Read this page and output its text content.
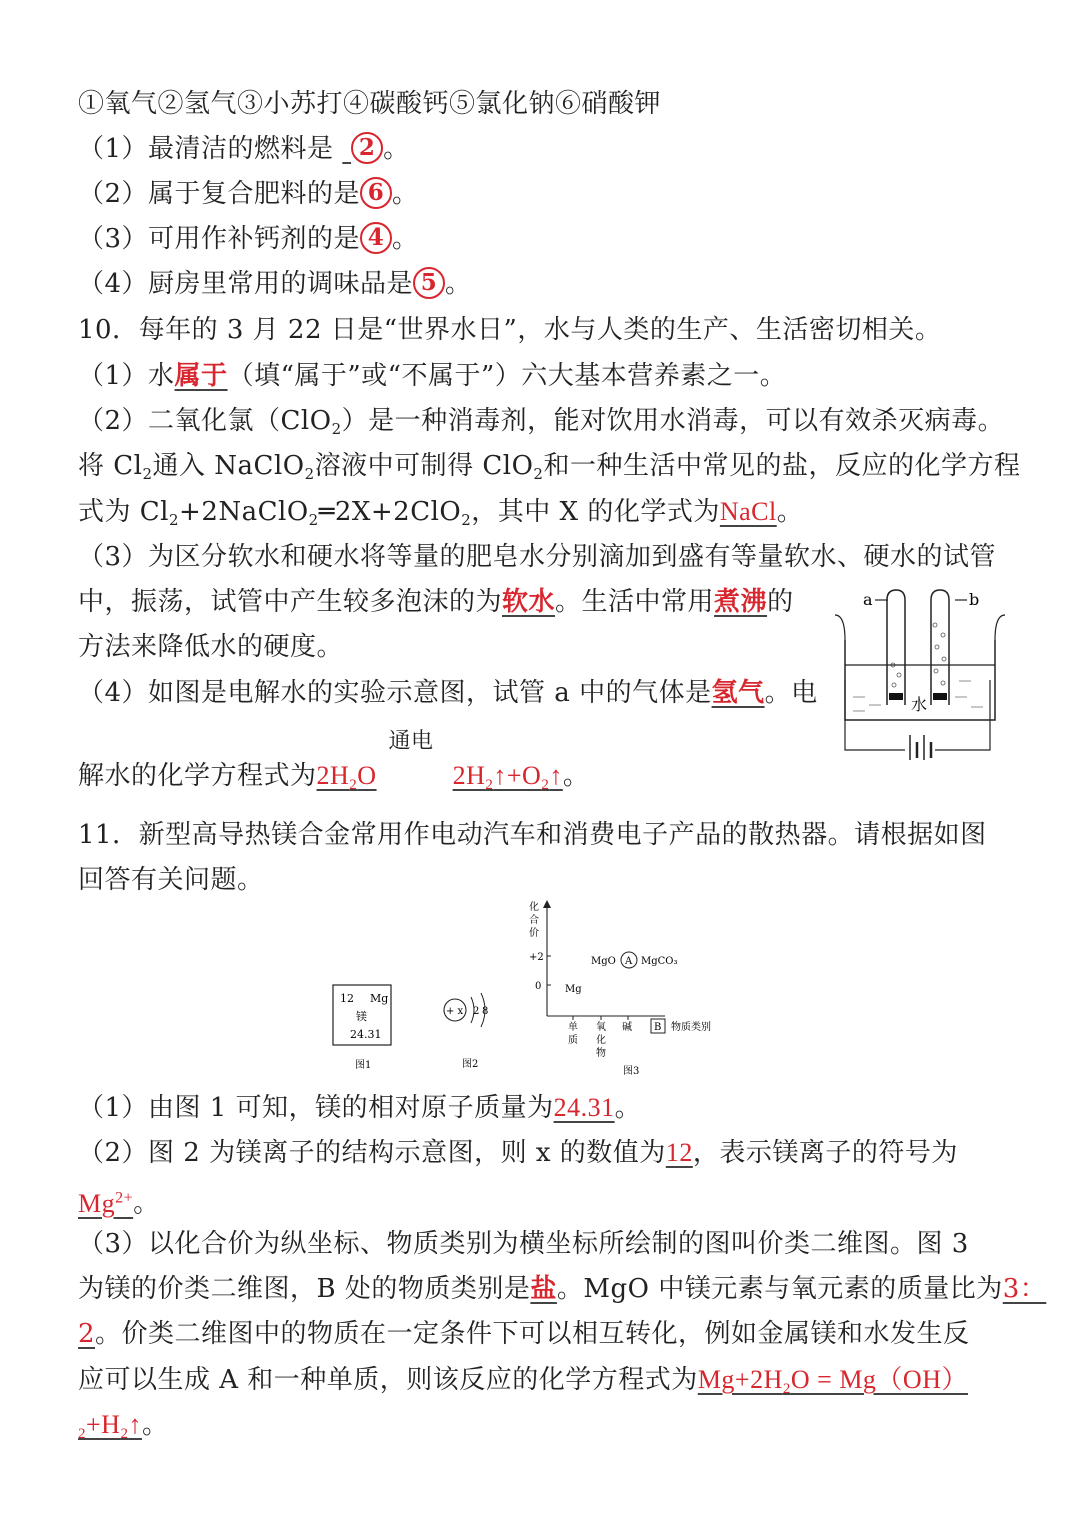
①氧气②氢气③小苏打④碳酸钙⑤氯化钠⑥硝酸钾
（1）最清洁的燃料是 2 。
（2）属于复合肥料的是 6 。
（3）可用作补钙剂的是 4 。
（4）厨房里常用的调味品是 5 。
10．每年的 3 月 22 日是“世界水日”，水与人类的生产、生活密切相关。
（1）水属于（填“属于”或“不属于”）六大基本营养素之一。
（2）二氧化氯（ClO$_2$）是一种消毒剂，能对饮用水消毒，可以有效杀灭病毒。
将 $Cl_2$通入 NaClO$_2$溶液中可制得 ClO$_2$和一种生活中常见的盐，反应的化学方程
式为 $Cl_2+2NaClO_2═2X+2ClO_2$，其中 X 的化学式为NaCl。
（3）为区分软水和硬水将等量的肥皂水分别滴加到盛有等量软水、硬水的试管
中，振荡，试管中产生较多泡沫的为软水。生活中常用煮沸的
方法来降低水的硬度。
（4）如图是电解水的实验示意图，试管 a 中的气体是氢气。电
解水的化学方程式为
通电
$2H_2O$	$2H_2↑+O_2↑$。
a	b
水
11．新型高导热镁合金常用作电动汽车和消费电子产品的散热器。请根据如图
回答有关问题。
12 Mg
镁
24.31
图1
+ x 2 8
图2
化
合
价
+2
0
MgO A MgCO₃
Mg
单
质
氧
化
物
碱 B 物质类别
图3
（1）由图 1 可知，镁的相对原子质量为24.31。
（2）图 2 为镁离子的结构示意图，则 x 的数值为12，表示镁离子的符号为
$Mg^{2+}$。
（3）以化合价为纵坐标、物质类别为横坐标所绘制的图叫价类二维图。图 3
为镁的价类二维图，B 处的物质类别是盐。MgO 中镁元素与氧元素的质量比为3：
2。价类二维图中的物质在一定条件下可以相互转化，例如金属镁和水发生反
应可以生成 A 和一种单质，则该反应的化学方程式为$Mg+2H_2O = Mg(OH)$
$_2+H_2↑$。
